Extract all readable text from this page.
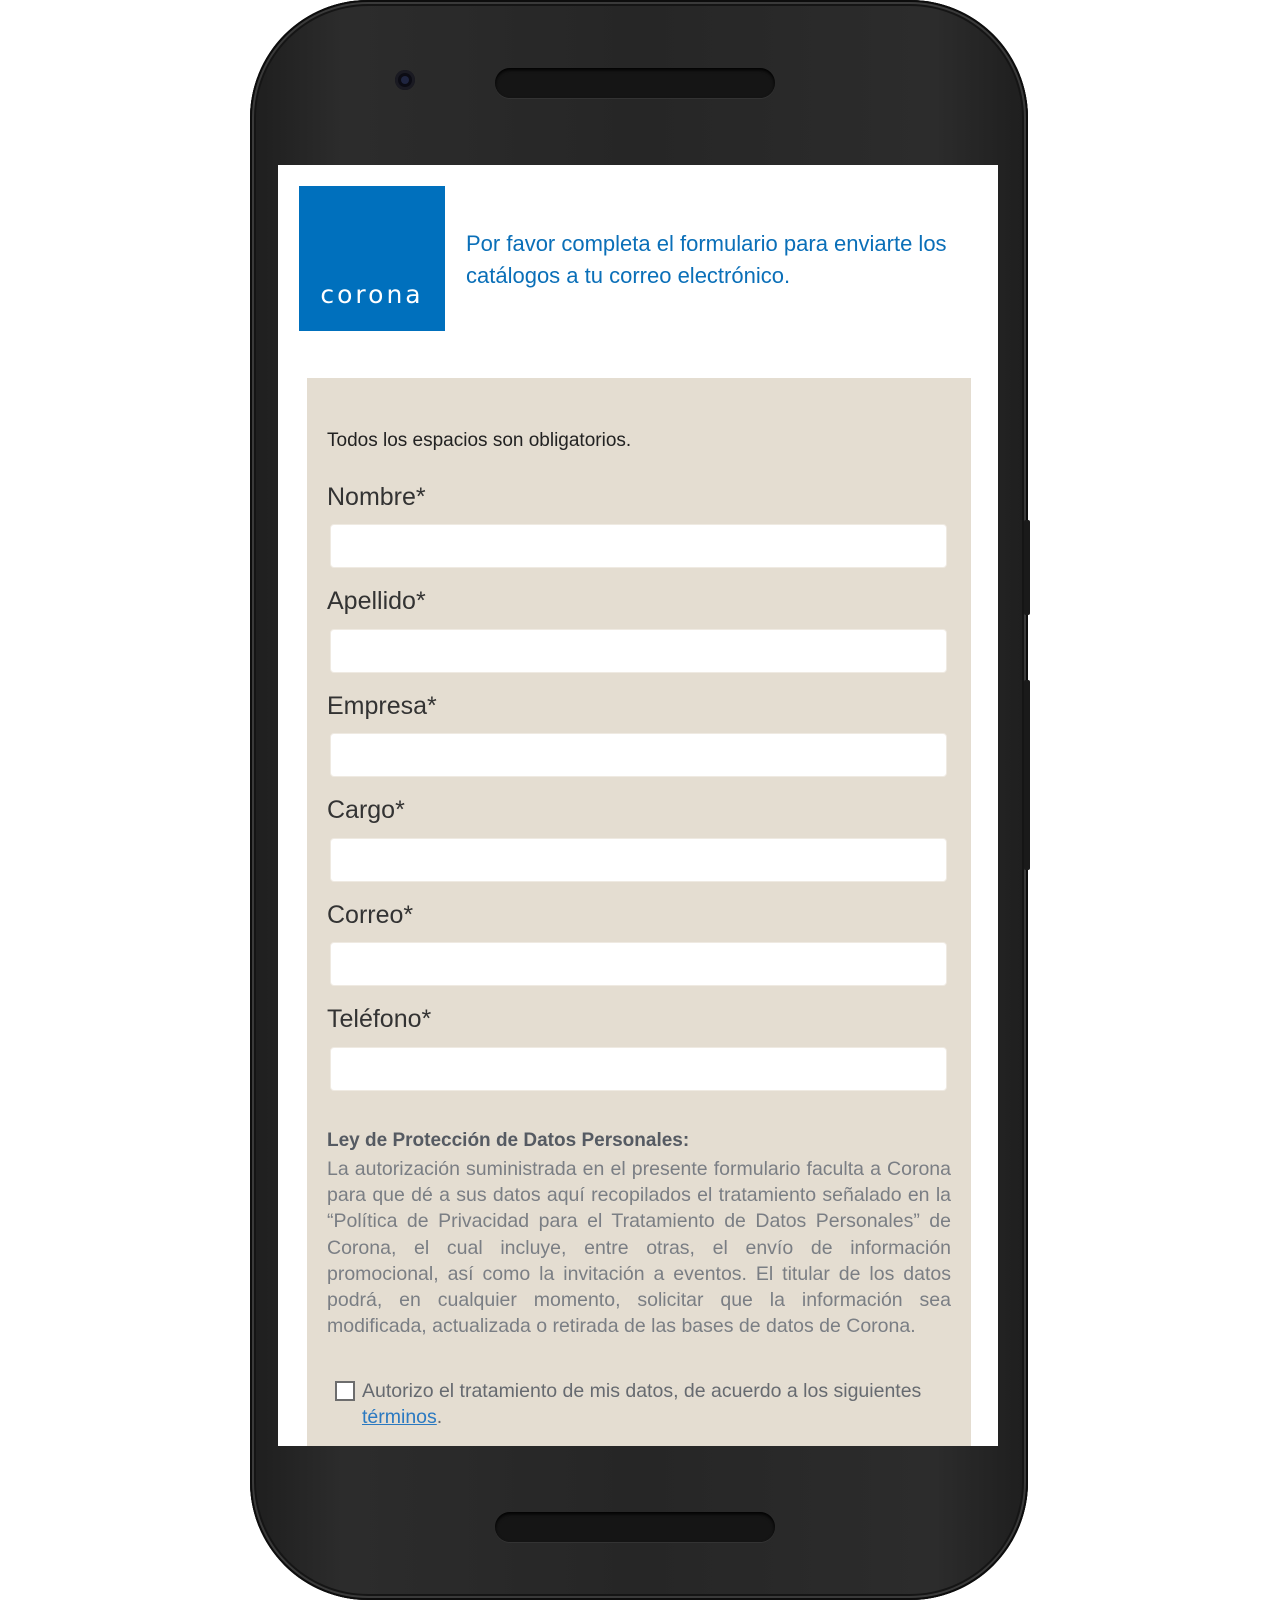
corona
Por favor completa el formulario para enviarte los catálogos a tu correo electrónico.
Todos los espacios son obligatorios.
Nombre*
Apellido*
Empresa*
Cargo*
Correo*
Teléfono*
Ley de Protección de Datos Personales:
La autorización suministrada en el presente formulario faculta a Corona para que dé a sus datos aquí recopilados el tratamiento señalado en la “Política de Privacidad para el Tratamiento de Datos Personales” de Corona, el cual incluye, entre otras, el envío de información promocional, así como la invitación a eventos. El titular de los datos podrá, en cualquier momento, solicitar que la información sea modificada, actualizada o retirada de las bases de datos de Corona.
Autorizo el tratamiento de mis datos, de acuerdo a los siguientes términos.
